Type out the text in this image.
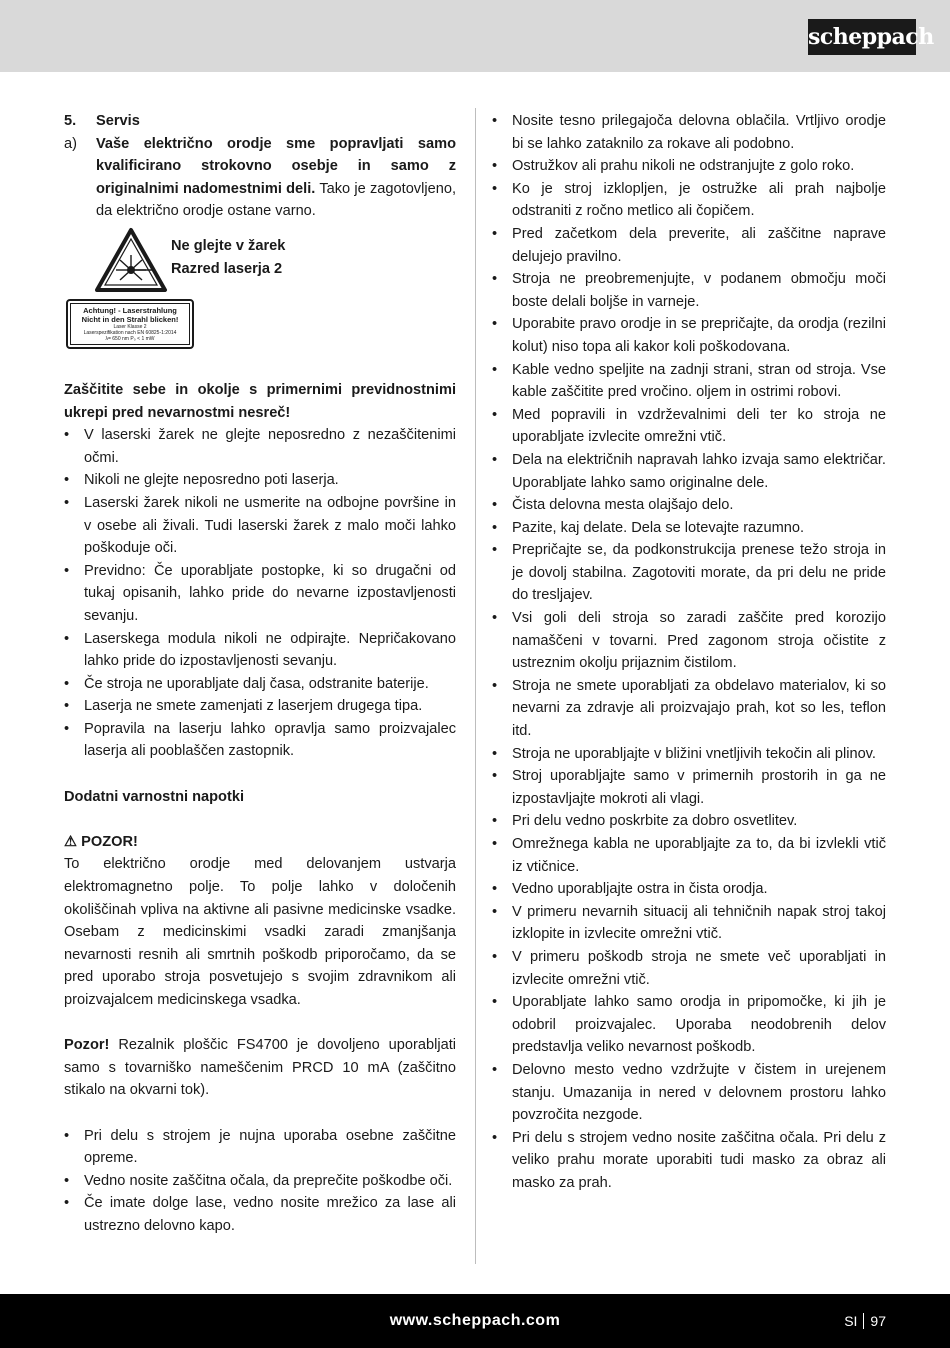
scheppach
5.	Servis
a)	Vaše električno orodje sme popravljati samo kvalificirano strokovno osebje in samo z originalnimi nadomestnimi deli. Tako je zagotovljeno, da električno orodje ostane varno.
Ne glejte v žarek
Razred laserja 2
Achtung! - Laserstrahlung
Nicht in den Strahl blicken!
Laser Klasse 2
Laserspezifikation nach EN 60825-1:2014
λ= 650 nm P₀ < 1 mW
Zaščitite sebe in okolje s primernimi previdnostnimi ukrepi pred nevarnostmi nesreč!
• V laserski žarek ne glejte neposredno z nezaščitenimi očmi.
• Nikoli ne glejte neposredno poti laserja.
• Laserski žarek nikoli ne usmerite na odbojne površine in v osebe ali živali. Tudi laserski žarek z malo moči lahko poškoduje oči.
• Previdno: Če uporabljate postopke, ki so drugačni od tukaj opisanih, lahko pride do nevarne izpostavljenosti sevanju.
• Laserskega modula nikoli ne odpirajte. Nepričakovano lahko pride do izpostavljenosti sevanju.
• Če stroja ne uporabljate dalj časa, odstranite baterije.
• Laserja ne smete zamenjati z laserjem drugega tipa.
• Popravila na laserju lahko opravlja samo proizvajalec laserja ali pooblaščen zastopnik.
Dodatni varnostni napotki
⚠ POZOR!
To električno orodje med delovanjem ustvarja elektromagnetno polje. To polje lahko v določenih okoliščinah vpliva na aktivne ali pasivne medicinske vsadke. Osebam z medicinskimi vsadki zaradi zmanjšanja nevarnosti resnih ali smrtnih poškodb priporočamo, da se pred uporabo stroja posvetujejo s svojim zdravnikom ali proizvajalcem medicinskega vsadka.
Pozor! Rezalnik ploščic FS4700 je dovoljeno uporabljati samo s tovarniško nameščenim PRCD 10 mA (zaščitno stikalo na okvarni tok).
• Pri delu s strojem je nujna uporaba osebne zaščitne opreme.
• Vedno nosite zaščitna očala, da preprečite poškodbe oči.
• Če imate dolge lase, vedno nosite mrežico za lase ali ustrezno delovno kapo.
• Nosite tesno prilegajoča delovna oblačila. Vrtljivo orodje bi se lahko zataknilo za rokave ali podobno.
• Ostružkov ali prahu nikoli ne odstranjujte z golo roko.
• Ko je stroj izklopljen, je ostružke ali prah najbolje odstraniti z ročno metlico ali čopičem.
• Pred začetkom dela preverite, ali zaščitne naprave delujejo pravilno.
• Stroja ne preobremenjujte, v podanem območju moči boste delali boljše in varneje.
• Uporabite pravo orodje in se prepričajte, da orodja (rezilni kolut) niso topa ali kakor koli poškodovana.
• Kable vedno speljite na zadnji strani, stran od stroja. Vse kable zaščitite pred vročino. oljem in ostrimi robovi.
• Med popravili in vzdrževalnimi deli ter ko stroja ne uporabljate izvlecite omrežni vtič.
• Dela na električnih napravah lahko izvaja samo električar. Uporabljate lahko samo originalne dele.
• Čista delovna mesta olajšajo delo.
• Pazite, kaj delate. Dela se lotevajte razumno.
• Prepričajte se, da podkonstrukcija prenese težo stroja in je dovolj stabilna. Zagotoviti morate, da pri delu ne pride do tresljajev.
• Vsi goli deli stroja so zaradi zaščite pred korozijo namaščeni v tovarni. Pred zagonom stroja očistite z ustreznim okolju prijaznim čistilom.
• Stroja ne smete uporabljati za obdelavo materialov, ki so nevarni za zdravje ali proizvajajo prah, kot so les, teflon itd.
• Stroja ne uporabljajte v bližini vnetljivih tekočin ali plinov.
• Stroj uporabljajte samo v primernih prostorih in ga ne izpostavljajte mokroti ali vlagi.
• Pri delu vedno poskrbite za dobro osvetlitev.
• Omrežnega kabla ne uporabljajte za to, da bi izvlekli vtič iz vtičnice.
• Vedno uporabljajte ostra in čista orodja.
• V primeru nevarnih situacij ali tehničnih napak stroj takoj izklopite in izvlecite omrežni vtič.
• V primeru poškodb stroja ne smete več uporabljati in izvlecite omrežni vtič.
• Uporabljate lahko samo orodja in pripomočke, ki jih je odobril proizvajalec. Uporaba neodobrenih delov predstavlja veliko nevarnost poškodb.
• Delovno mesto vedno vzdržujte v čistem in urejenem stanju. Umazanija in nered v delovnem prostoru lahko povzročita nezgode.
• Pri delu s strojem vedno nosite zaščitna očala. Pri delu z veliko prahu morate uporabiti tudi masko za obraz ali masko za prah.
www.scheppach.com	SI 97
